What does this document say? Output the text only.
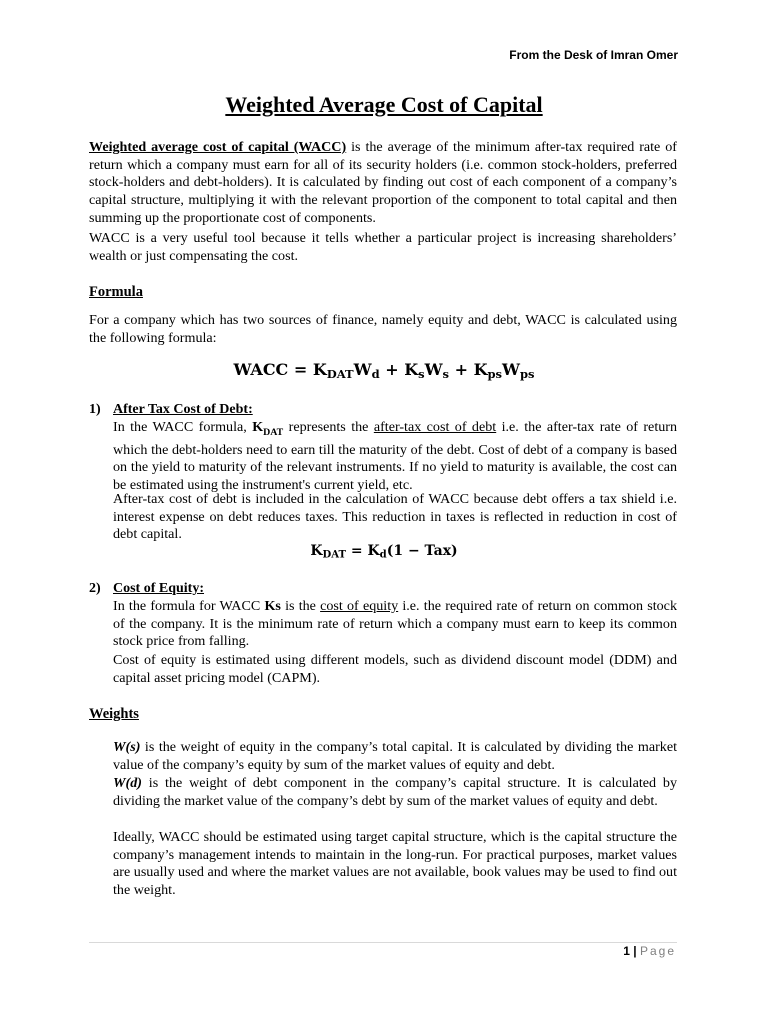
From the Desk of Imran Omer
Weighted Average Cost of Capital
Weighted average cost of capital (WACC) is the average of the minimum after-tax required rate of return which a company must earn for all of its security holders (i.e. common stock-holders, preferred stock-holders and debt-holders). It is calculated by finding out cost of each component of a company’s capital structure, multiplying it with the relevant proportion of the component to total capital and then summing up the proportionate cost of components.
WACC is a very useful tool because it tells whether a particular project is increasing shareholders’ wealth or just compensating the cost.
Formula
For a company which has two sources of finance, namely equity and debt, WACC is calculated using the following formula:
WACC = $K_{DAT}W_d + K_sW_s + K_{ps}W_{ps}$
1) After Tax Cost of Debt:
In the WACC formula, $K_{DAT}$ represents the after-tax cost of debt i.e. the after-tax rate of return which the debt-holders need to earn till the maturity of the debt. Cost of debt of a company is based on the yield to maturity of the relevant instruments. If no yield to maturity is available, the cost can be estimated using the instrument's current yield, etc.
After-tax cost of debt is included in the calculation of WACC because debt offers a tax shield i.e. interest expense on debt reduces taxes. This reduction in taxes is reflected in reduction in cost of debt capital.
$K_{DAT} = K_d(1 - Tax)$
2) Cost of Equity:
In the formula for WACC Ks is the cost of equity i.e. the required rate of return on common stock of the company. It is the minimum rate of return which a company must earn to keep its common stock price from falling.
Cost of equity is estimated using different models, such as dividend discount model (DDM) and capital asset pricing model (CAPM).
Weights
W(s) is the weight of equity in the company’s total capital. It is calculated by dividing the market value of the company’s equity by sum of the market values of equity and debt.
W(d) is the weight of debt component in the company’s capital structure. It is calculated by dividing the market value of the company’s debt by sum of the market values of equity and debt.
Ideally, WACC should be estimated using target capital structure, which is the capital structure the company’s management intends to maintain in the long-run. For practical purposes, market values are usually used and where the market values are not available, book values may be used to find out the weight.
1 | Page
